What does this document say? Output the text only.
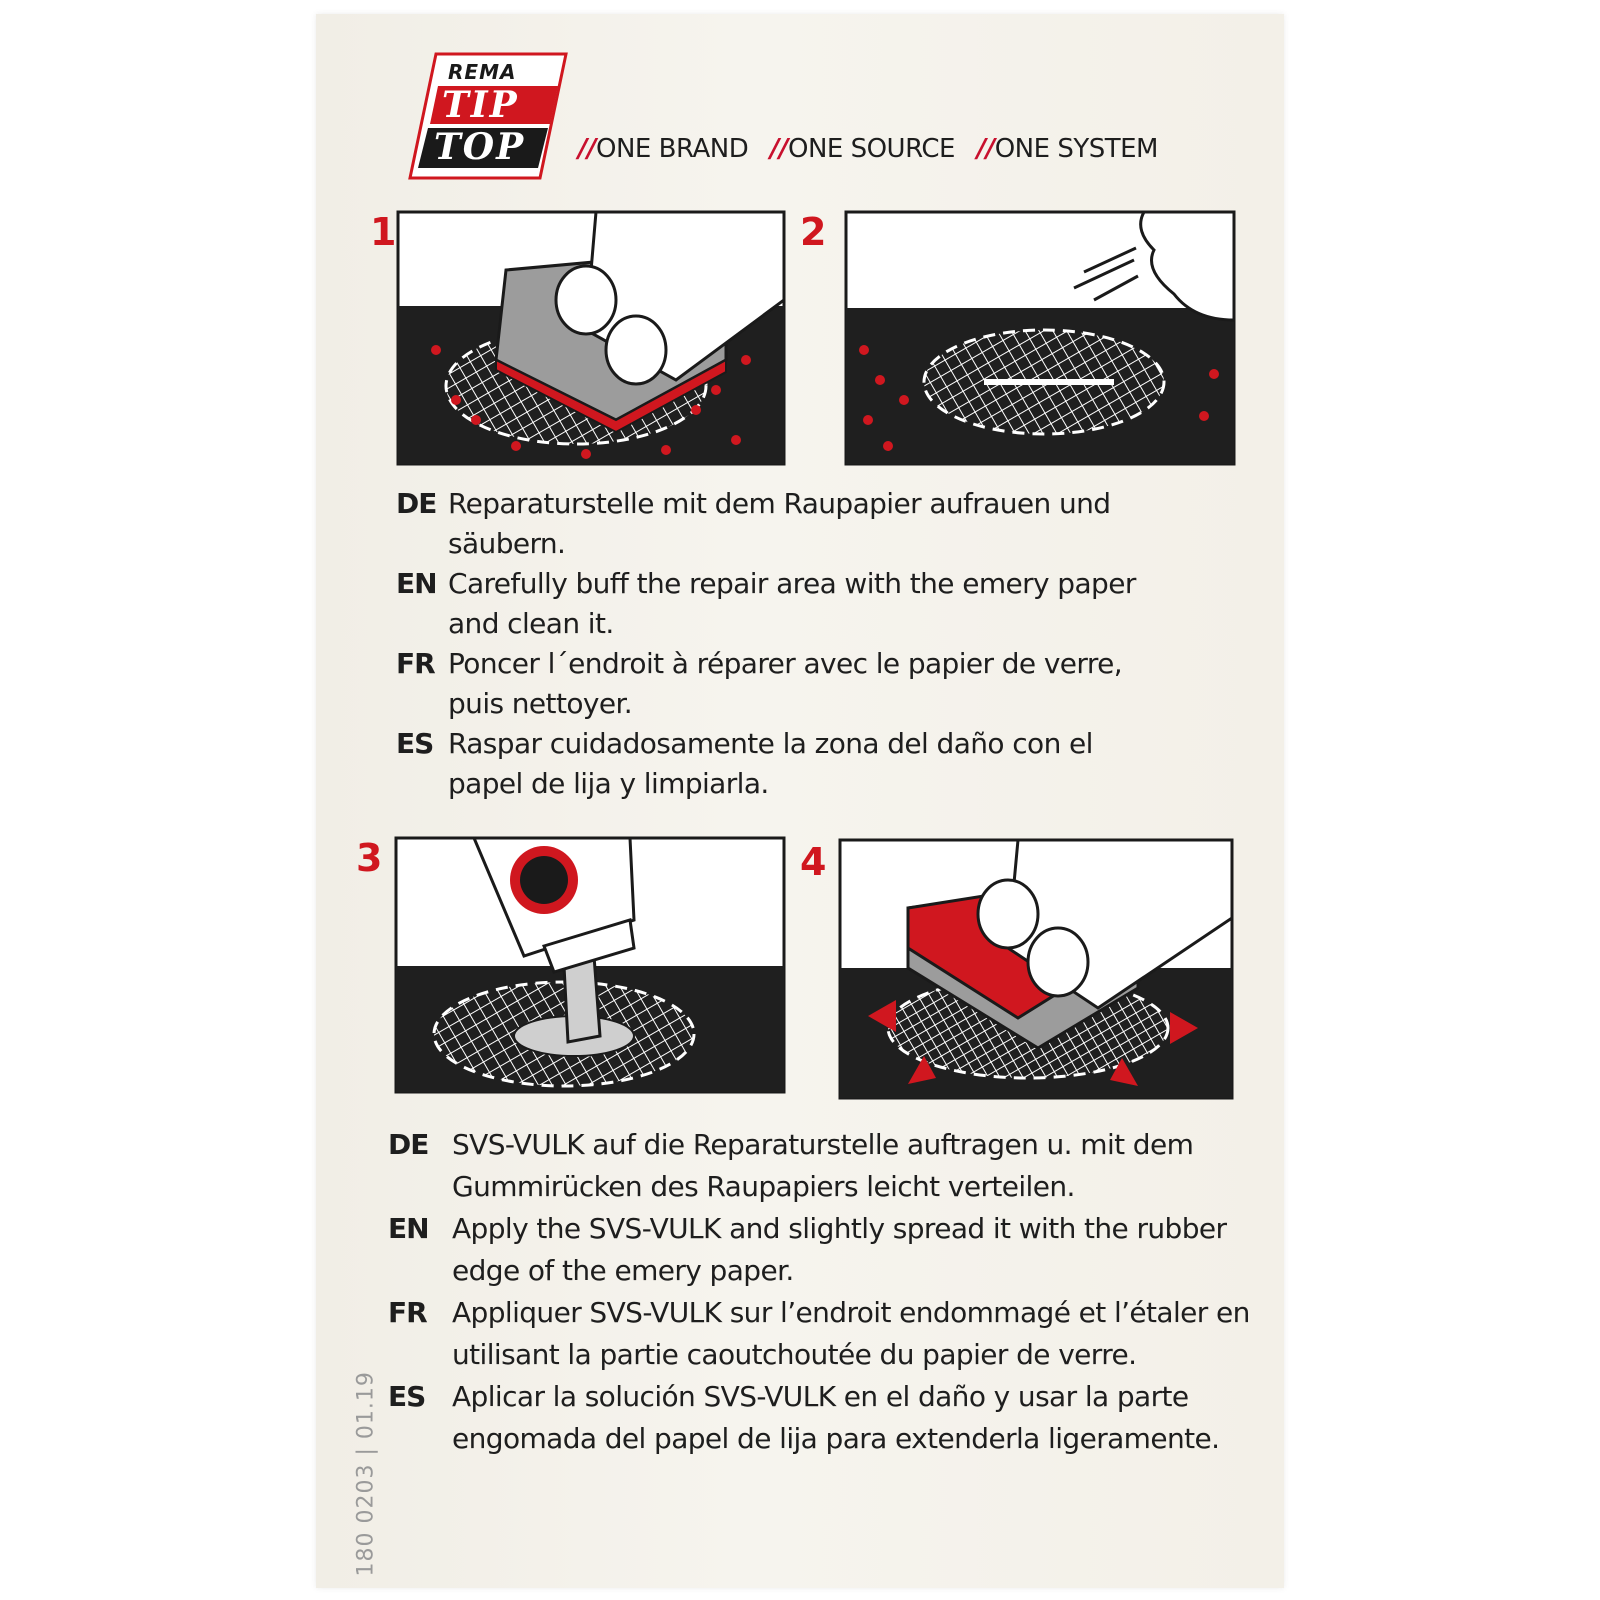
REMA
TIP
TOP //ONE BRAND //ONE SOURCE //ONE SYSTEM
1	2
3	4
DE Reparaturstelle mit dem Raupapier aufrauen und säubern.
EN Carefully buff the repair area with the emery paper and clean it.
FR Poncer l´endroit à réparer avec le papier de verre, puis nettoyer.
ES Raspar cuidadosamente la zona del daño con el papel de lija y limpiarla.
DE SVS-VULK auf die Reparaturstelle auftragen u. mit dem Gummirücken des Raupapiers leicht verteilen.
EN Apply the SVS-VULK and slightly spread it with the rubber edge of the emery paper.
FR Appliquer SVS-VULK sur l’endroit endommagé et l’étaler en utilisant la partie caoutchoutée du papier de verre.
ES Aplicar la solución SVS-VULK en el daño y usar la parte engomada del papel de lija para extenderla ligeramente.
180 0203 | 01.19
